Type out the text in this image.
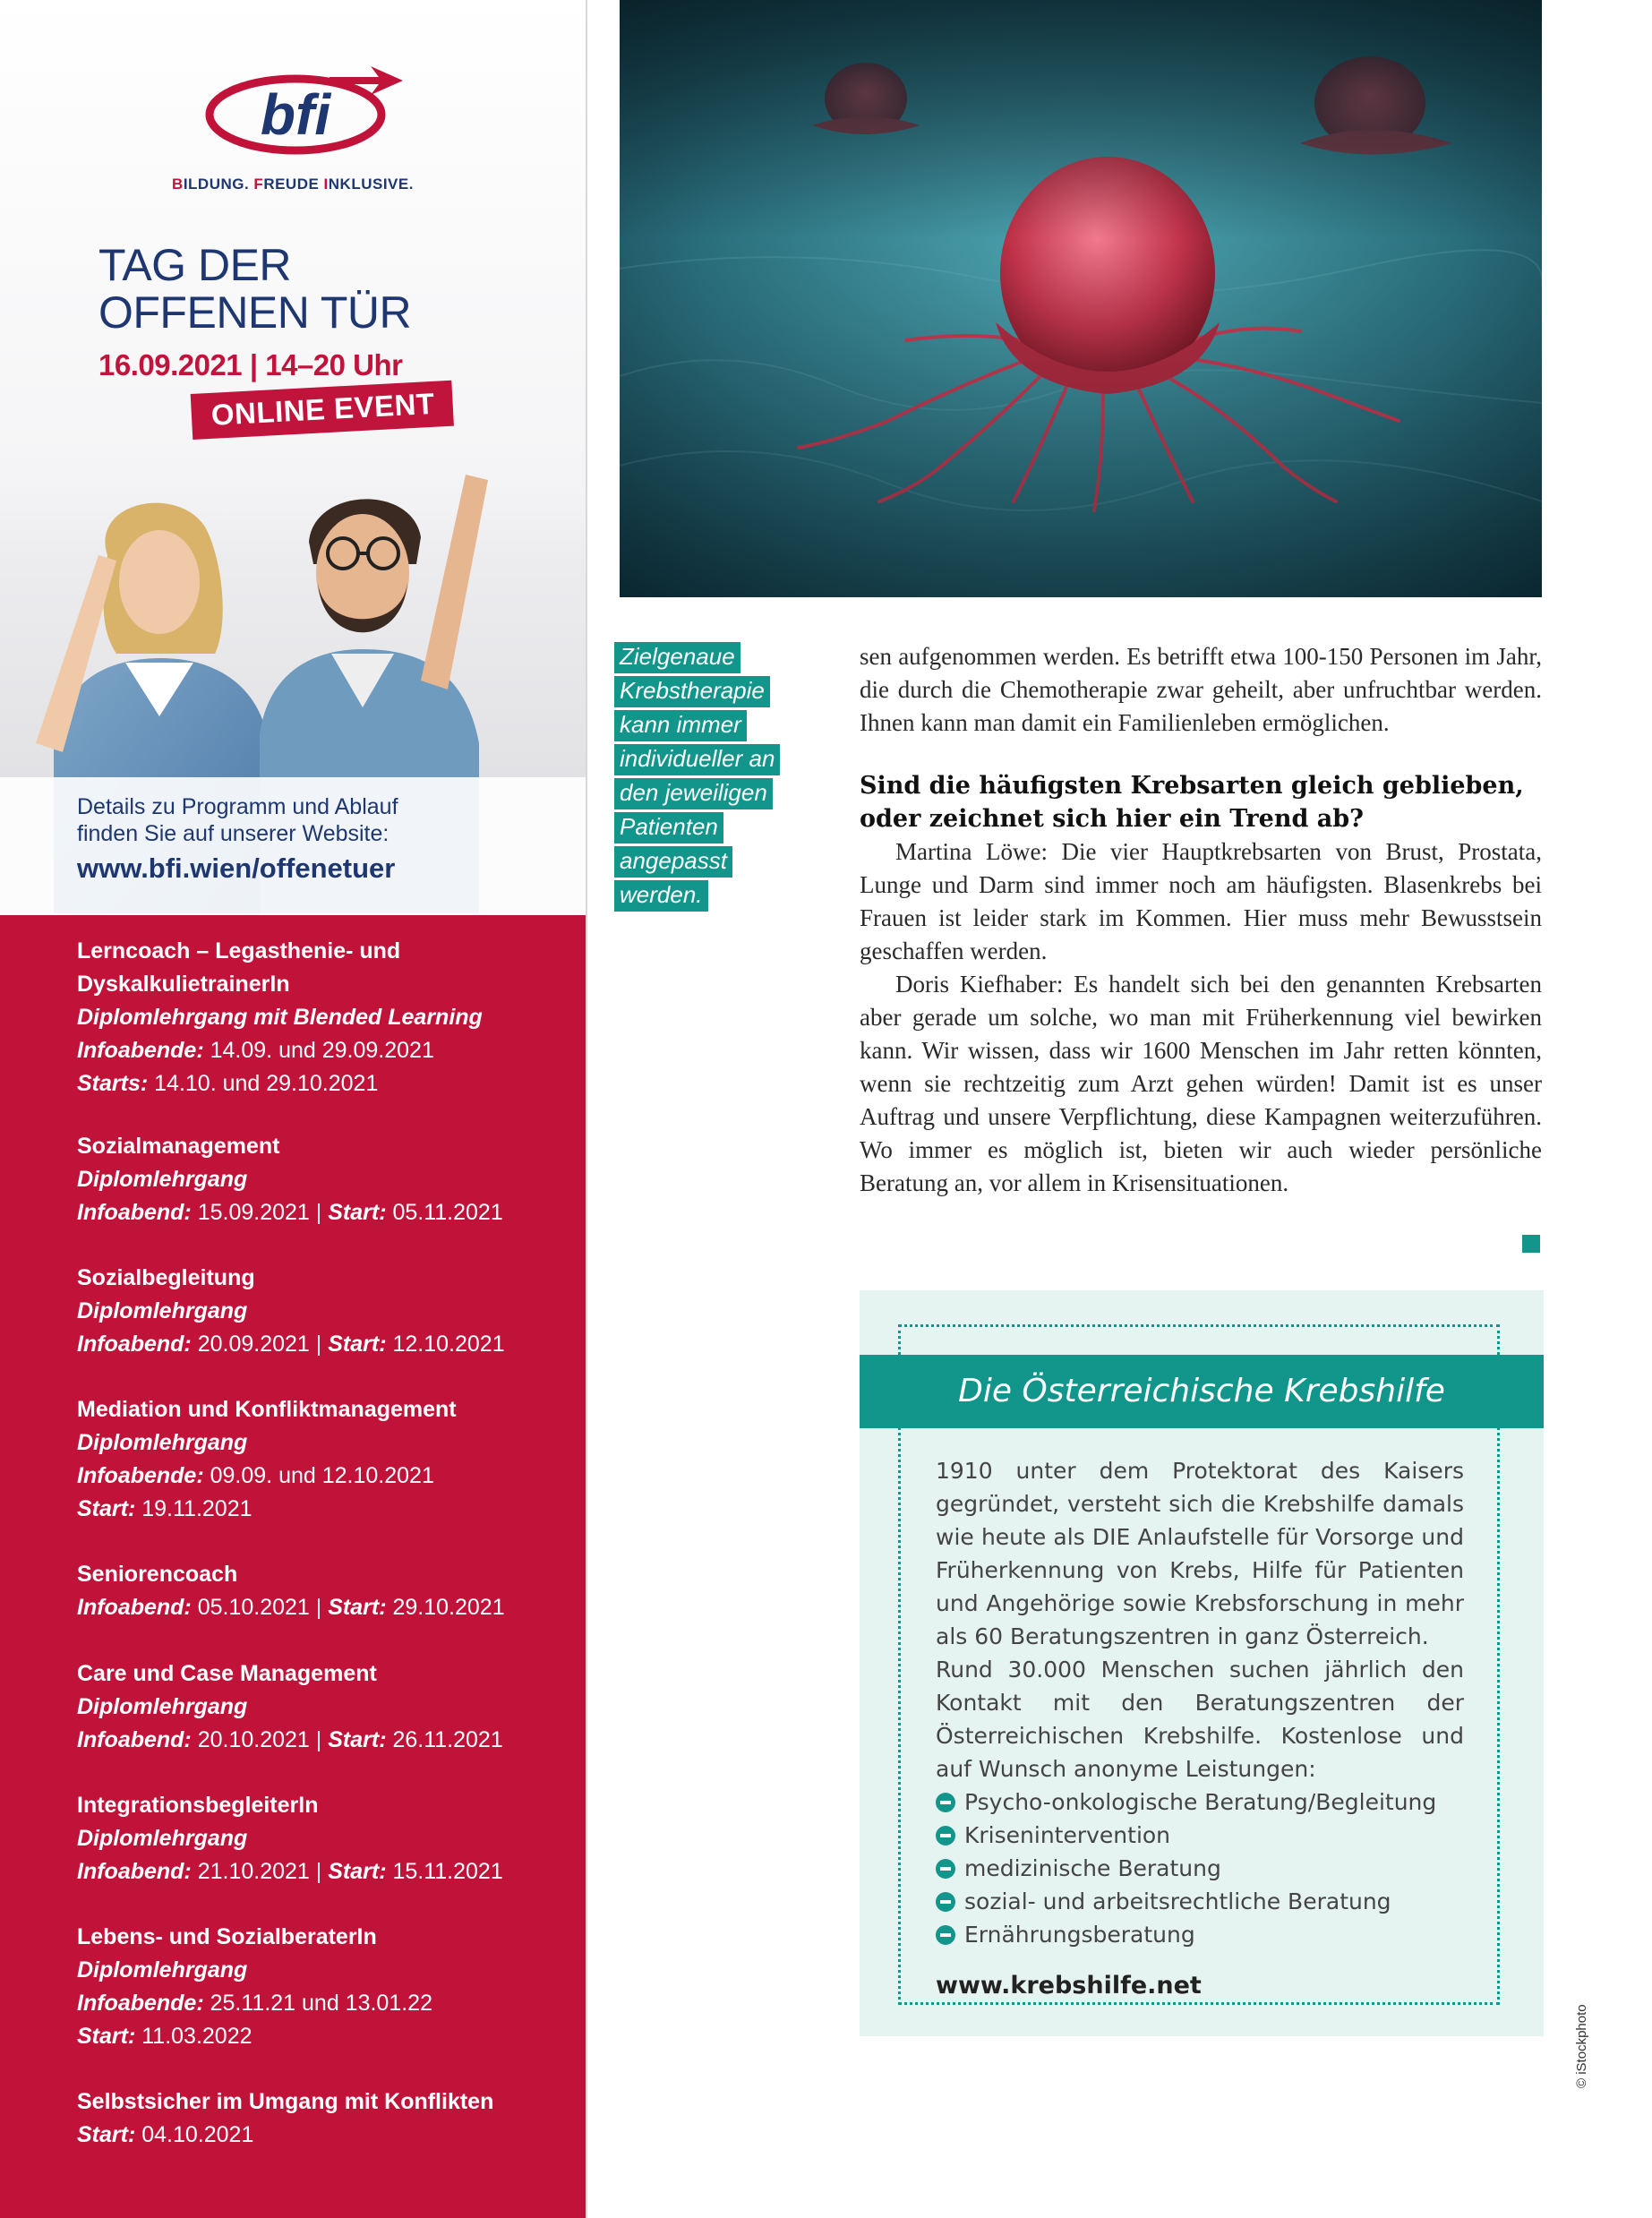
bfi
BILDUNG. FREUDE INKLUSIVE.
TAG DER
OFFENEN TÜR
16.09.2021 | 14–20 Uhr
ONLINE EVENT
Details zu Programm und Ablauf
finden Sie auf unserer Website:
www.bfi.wien/offenetuer
Lerncoach – Legasthenie- und
DyskalkulietrainerIn
Diplomlehrgang mit Blended Learning
Infoabende: 14.09. und 29.09.2021
Starts: 14.10. und 29.10.2021
Sozialmanagement
Diplomlehrgang
Infoabend: 15.09.2021 | Start: 05.11.2021
Sozialbegleitung
Diplomlehrgang
Infoabend: 20.09.2021 | Start: 12.10.2021
Mediation und Konfliktmanagement
Diplomlehrgang
Infoabende: 09.09. und 12.10.2021
Start: 19.11.2021
Seniorencoach
Infoabend: 05.10.2021 | Start: 29.10.2021
Care und Case Management
Diplomlehrgang
Infoabend: 20.10.2021 | Start: 26.11.2021
IntegrationsbegleiterIn
Diplomlehrgang
Infoabend: 21.10.2021 | Start: 15.11.2021
Lebens- und SozialberaterIn
Diplomlehrgang
Infoabende: 25.11.21 und 13.01.22
Start: 11.03.2022
Selbstsicher im Umgang mit Konflikten
Start: 04.10.2021
Zielgenaue
Krebstherapie
kann immer
individueller an
den jeweiligen
Patienten
angepasst
werden.

sen aufgenommen werden. Es betrifft etwa 100-150 Personen im Jahr, die durch die Chemotherapie zwar geheilt, aber unfruchtbar werden. Ihnen kann man damit ein Familienleben ermöglichen.

Sind die häufigsten Krebsarten gleich geblieben, oder zeichnet sich hier ein Trend ab?

Martina Löwe: Die vier Hauptkrebsarten von Brust, Prostata, Lunge und Darm sind immer noch am häufigsten. Blasenkrebs bei Frauen ist leider stark im Kommen. Hier muss mehr Bewusstsein geschaffen werden.

Doris Kiefhaber: Es handelt sich bei den genannten Krebsarten aber gerade um solche, wo man mit Früherkennung viel bewirken kann. Wir wissen, dass wir 1600 Menschen im Jahr retten könnten, wenn sie rechtzeitig zum Arzt gehen würden! Damit ist es unser Auftrag und unsere Verpflichtung, diese Kampagnen weiterzuführen. Wo immer es möglich ist, bieten wir auch wieder persönliche Beratung an, vor allem in Krisensituationen.

Die Österreichische Krebshilfe

1910 unter dem Protektorat des Kaisers gegründet, versteht sich die Krebshilfe damals wie heute als DIE Anlaufstelle für Vorsorge und Früherkennung von Krebs, Hilfe für Patienten und Angehörige sowie Krebsforschung in mehr als 60 Beratungszentren in ganz Österreich.

Rund 30.000 Menschen suchen jährlich den Kontakt mit den Beratungszentren der Österreichischen Krebshilfe. Kostenlose und auf Wunsch anonyme Leistungen:

Psycho-onkologische Beratung/Begleitung
Krisenintervention
medizinische Beratung
sozial- und arbeitsrechtliche Beratung
Ernährungsberatung
www.krebshilfe.net
© iStockphoto
